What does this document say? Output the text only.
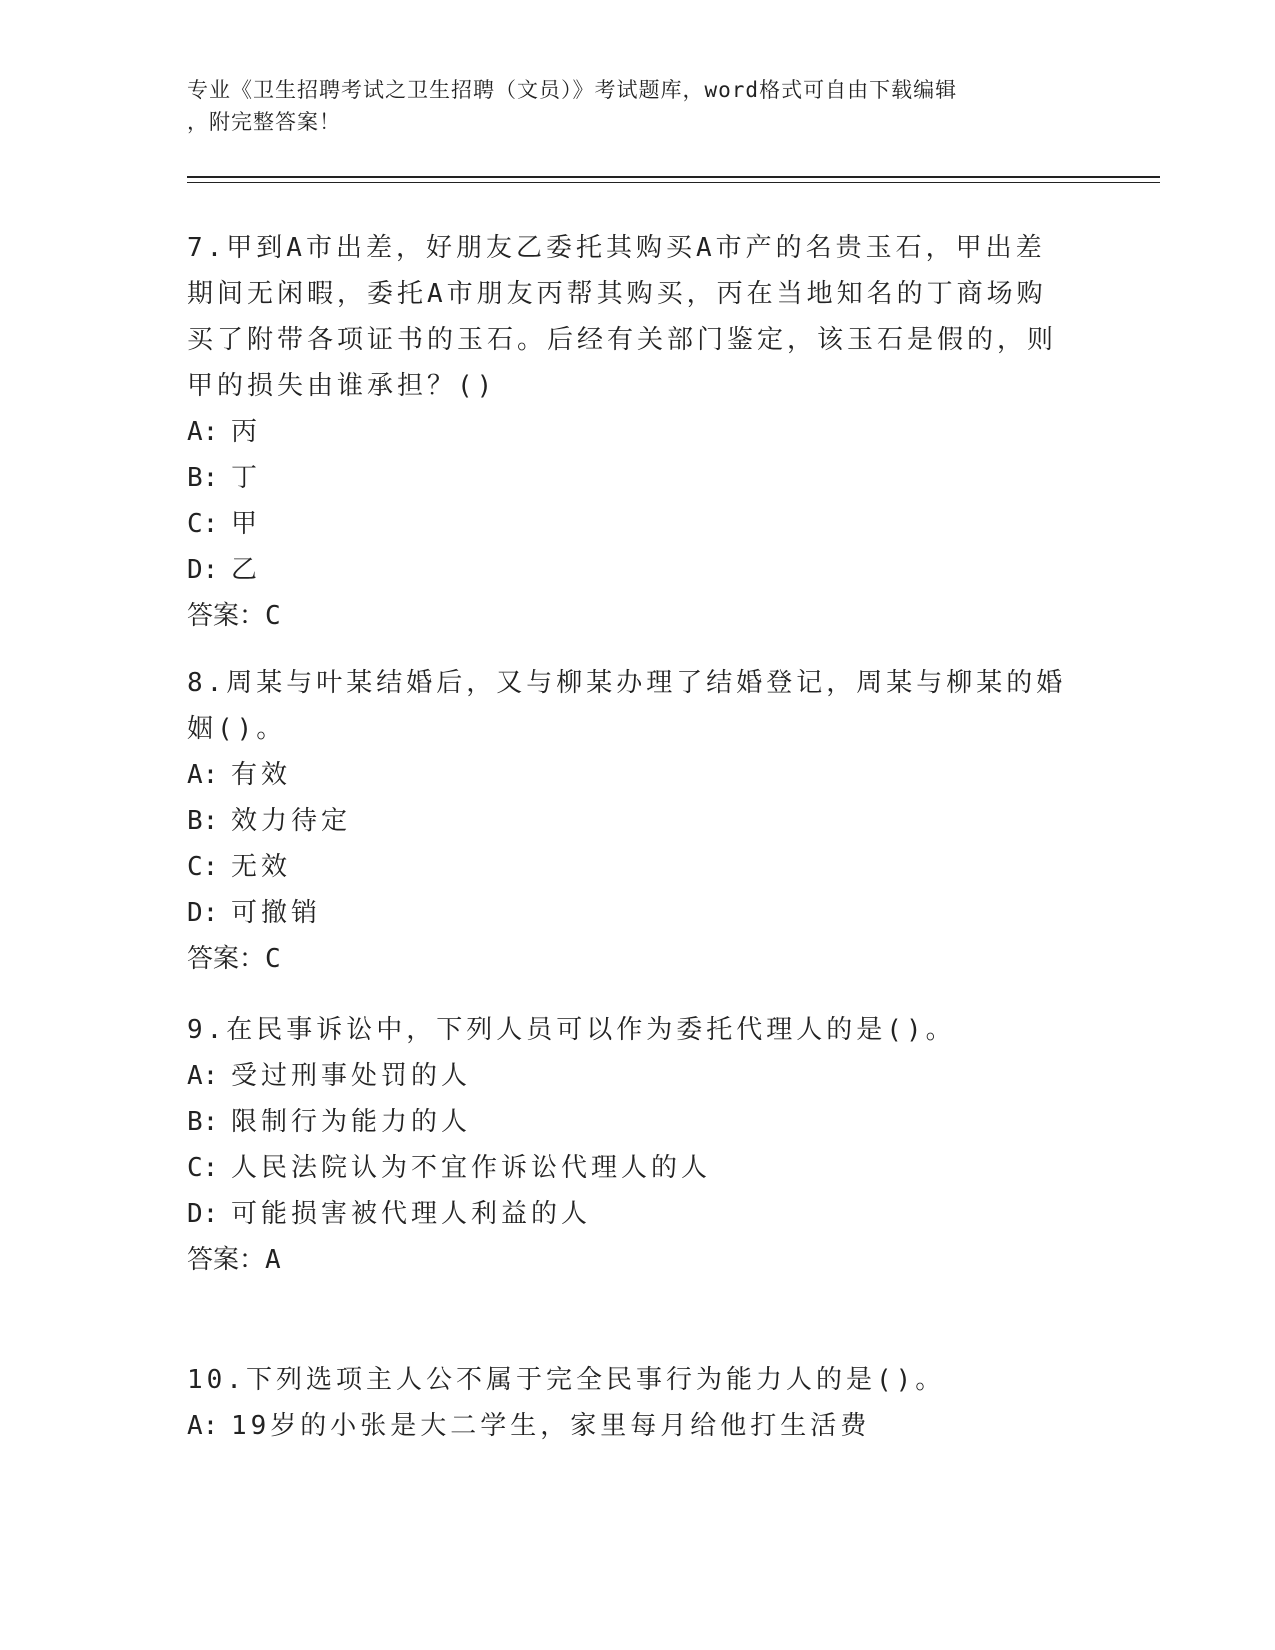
专业《卫生招聘考试之卫生招聘（文员）》考试题库，word格式可自由下载编辑
，附完整答案！

7.甲到A市出差，好朋友乙委托其购买A市产的名贵玉石，甲出差期间无闲暇，委托A市朋友丙帮其购买，丙在当地知名的丁商场购买了附带各项证书的玉石。后经有关部门鉴定，该玉石是假的，则甲的损失由谁承担？()

A: 丙

B: 丁

C: 甲

D: 乙

答案：C

8.周某与叶某结婚后，又与柳某办理了结婚登记，周某与柳某的婚姻()。

A: 有效

B: 效力待定

C: 无效

D: 可撤销

答案：C

9.在民事诉讼中，下列人员可以作为委托代理人的是()。

A: 受过刑事处罚的人

B: 限制行为能力的人

C: 人民法院认为不宜作诉讼代理人的人

D: 可能损害被代理人利益的人

答案：A

10.下列选项主人公不属于完全民事行为能力人的是()。

A: 19岁的小张是大二学生，家里每月给他打生活费
